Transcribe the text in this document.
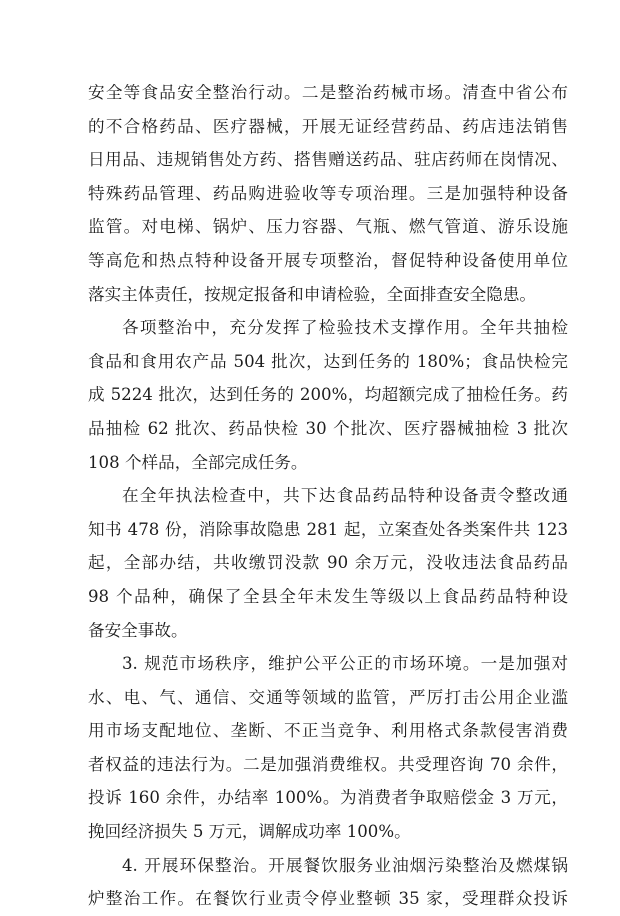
安全等食品安全整治行动。二是整治药械市场。清查中省公布
的不合格药品、医疗器械，开展无证经营药品、药店违法销售
日用品、违规销售处方药、搭售赠送药品、驻店药师在岗情况、
特殊药品管理、药品购进验收等专项治理。三是加强特种设备
监管。对电梯、锅炉、压力容器、气瓶、燃气管道、游乐设施
等高危和热点特种设备开展专项整治，督促特种设备使用单位
落实主体责任，按规定报备和申请检验，全面排查安全隐患。
各项整治中，充分发挥了检验技术支撑作用。全年共抽检
食品和食用农产品 504 批次，达到任务的 180%；食品快检完
成 5224 批次，达到任务的 200%，均超额完成了抽检任务。药
品抽检 62 批次、药品快检 30 个批次、医疗器械抽检 3 批次
108 个样品，全部完成任务。
在全年执法检查中，共下达食品药品特种设备责令整改通
知书 478 份，消除事故隐患 281 起，立案查处各类案件共 123
起，全部办结，共收缴罚没款 90 余万元，没收违法食品药品
98 个品种，确保了全县全年未发生等级以上食品药品特种设
备安全事故。
3. 规范市场秩序，维护公平公正的市场环境。一是加强对
水、电、气、通信、交通等领域的监管，严厉打击公用企业滥
用市场支配地位、垄断、不正当竞争、利用格式条款侵害消费
者权益的违法行为。二是加强消费维权。共受理咨询 70 余件，
投诉 160 余件，办结率 100%。为消费者争取赔偿金 3 万元，
挽回经济损失 5 万元，调解成功率 100%。
4. 开展环保整治。开展餐饮服务业油烟污染整治及燃煤锅
炉整治工作。在餐饮行业责令停业整顿 35 家，受理群众投诉
